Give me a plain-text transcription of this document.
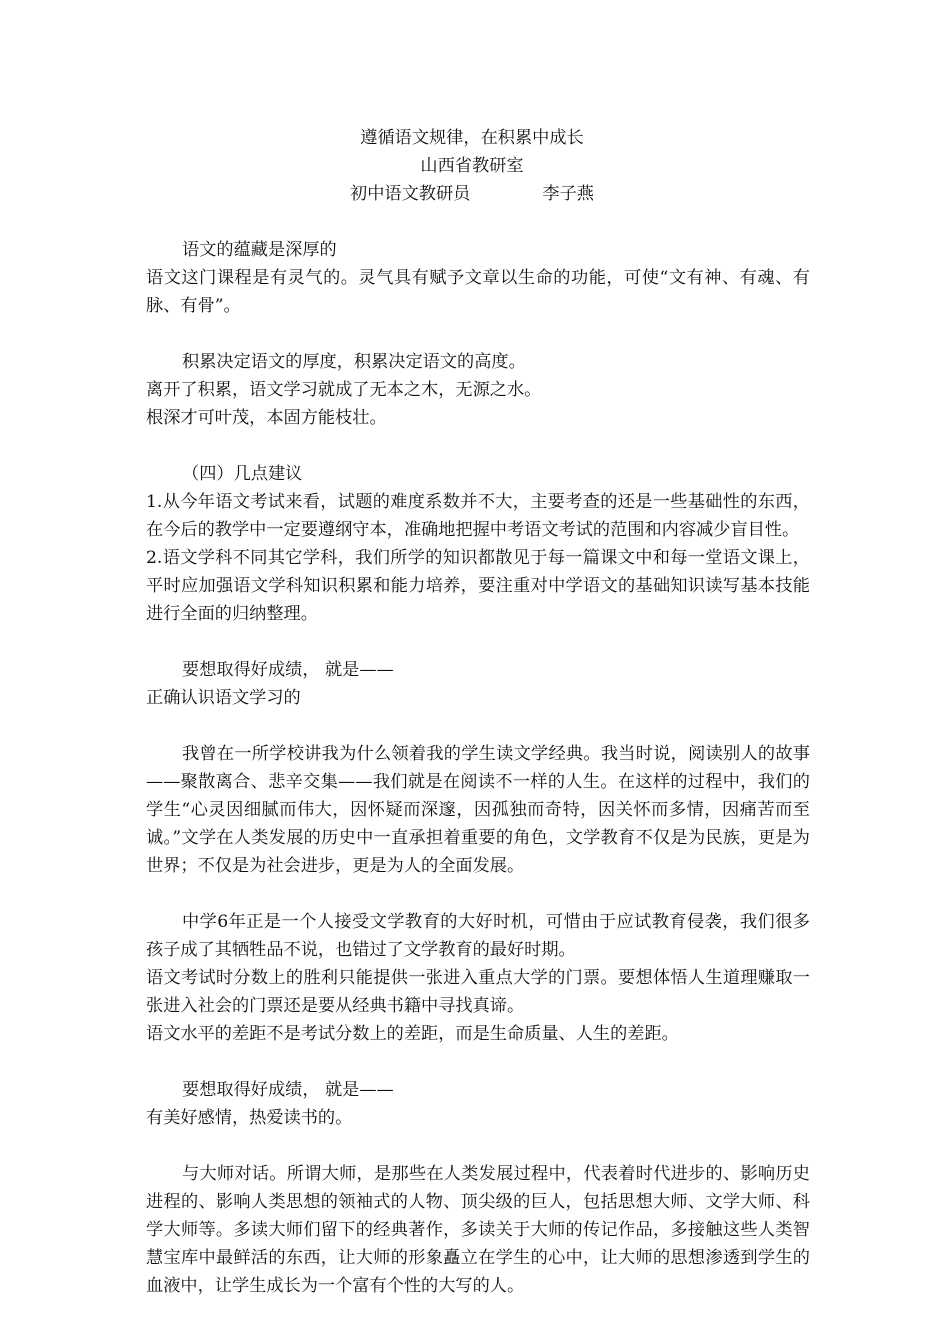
遵循语文规律，在积累中成长
山西省教研室
初中语文教研员	李子燕

语文的蕴藏是深厚的

语文这门课程是有灵气的。灵气具有赋予文章以生命的功能，可使“文有神、有魂、有脉、有骨”。

积累决定语文的厚度，积累决定语文的高度。

离开了积累，语文学习就成了无本之木，无源之水。

根深才可叶茂，本固方能枝壮。

（四）几点建议

1.从今年语文考试来看，试题的难度系数并不大，主要考查的还是一些基础性的东西，在今后的教学中一定要遵纲守本，准确地把握中考语文考试的范围和内容减少盲目性。

2.语文学科不同其它学科，我们所学的知识都散见于每一篇课文中和每一堂语文课上，平时应加强语文学科知识积累和能力培养，要注重对中学语文的基础知识读写基本技能进行全面的归纳整理。

要想取得好成绩， 就是——

正确认识语文学习的

我曾在一所学校讲我为什么领着我的学生读文学经典。我当时说，阅读别人的故事——聚散离合、悲辛交集——我们就是在阅读不一样的人生。在这样的过程中，我们的学生“心灵因细腻而伟大，因怀疑而深邃，因孤独而奇特，因关怀而多情，因痛苦而至诚。”文学在人类发展的历史中一直承担着重要的角色，文学教育不仅是为民族，更是为世界；不仅是为社会进步，更是为人的全面发展。

中学6年正是一个人接受文学教育的大好时机，可惜由于应试教育侵袭，我们很多孩子成了其牺牲品不说，也错过了文学教育的最好时期。

语文考试时分数上的胜利只能提供一张进入重点大学的门票。要想体悟人生道理赚取一张进入社会的门票还是要从经典书籍中寻找真谛。

语文水平的差距不是考试分数上的差距，而是生命质量、人生的差距。

要想取得好成绩， 就是——

有美好感情，热爱读书的。

与大师对话。所谓大师，是那些在人类发展过程中，代表着时代进步的、影响历史进程的、影响人类思想的领袖式的人物、顶尖级的巨人，包括思想大师、文学大师、科学大师等。多读大师们留下的经典著作，多读关于大师的传记作品，多接触这些人类智慧宝库中最鲜活的东西，让大师的形象矗立在学生的心中，让大师的思想渗透到学生的血液中，让学生成长为一个富有个性的大写的人。
